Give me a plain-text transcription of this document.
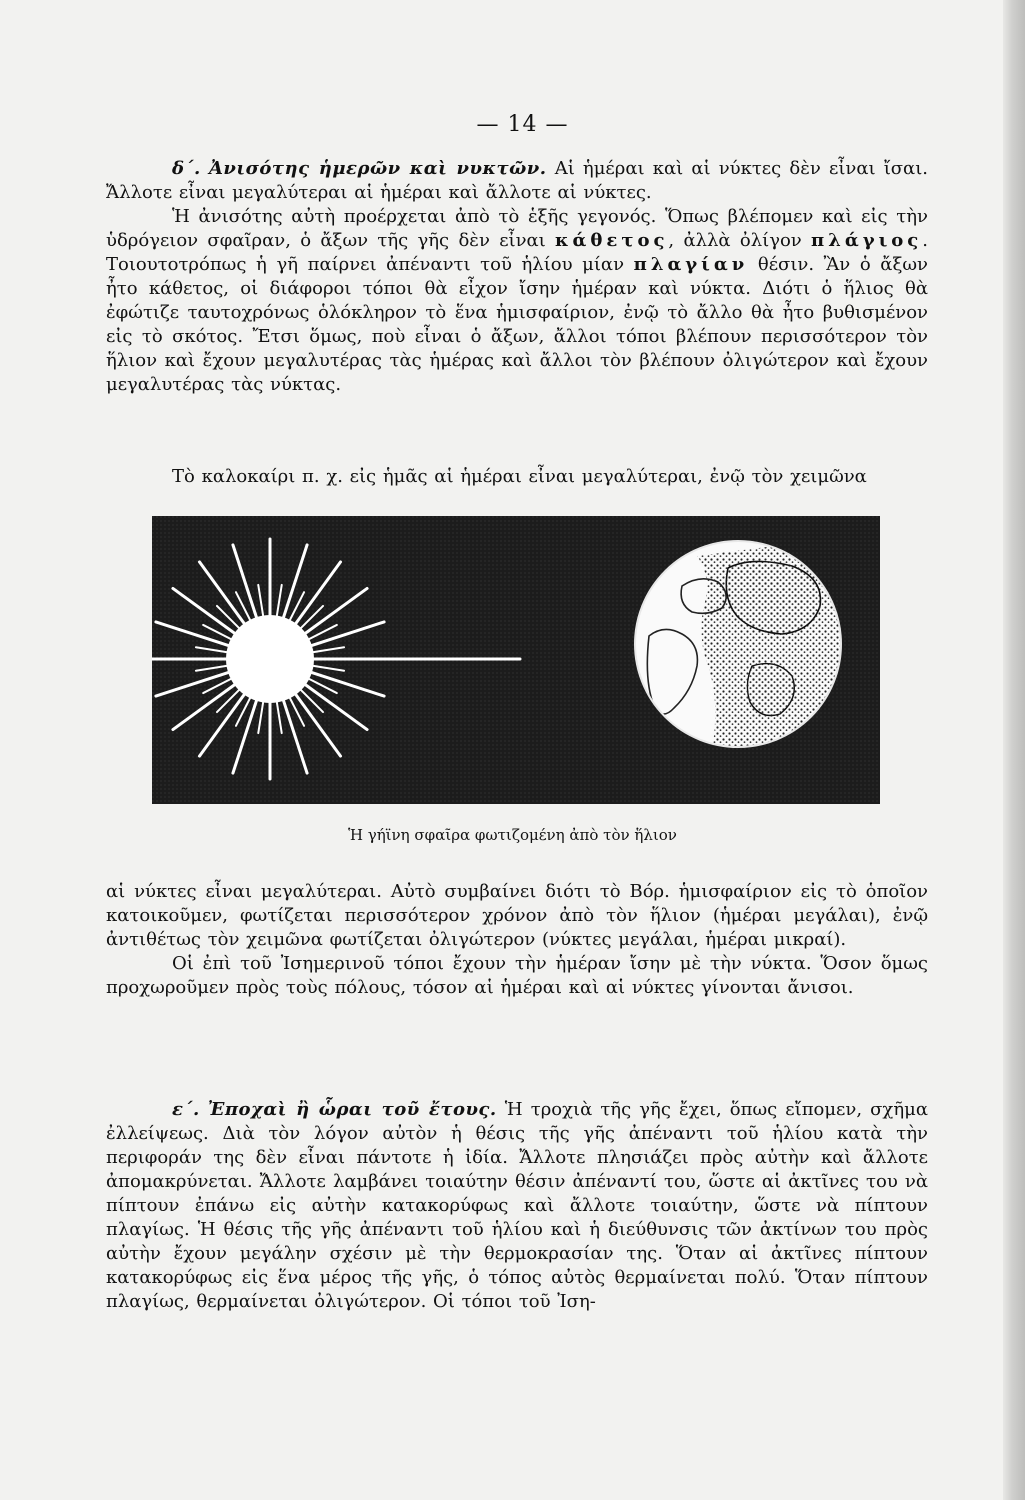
— 14 —
δ΄. Ἀνισότης ἡμερῶν καὶ νυκτῶν. Αἱ ἡμέραι καὶ αἱ νύκτες δὲν εἶναι ἴσαι. Ἄλλοτε εἶναι μεγαλύτεραι αἱ ἡμέραι καὶ ἄλλοτε αἱ νύκτες.
Ἡ ἀνισότης αὐτὴ προέρχεται ἀπὸ τὸ ἑξῆς γεγονός. Ὅπως βλέπομεν καὶ εἰς τὴν ὑδρόγειον σφαῖραν, ὁ ἄξων τῆς γῆς δὲν εἶναι κάθετος, ἀλλὰ ὀλίγον πλάγιος. Τοιουτοτρόπως ἡ γῆ παίρνει ἀπέναντι τοῦ ἡλίου μίαν πλαγίαν θέσιν. Ἂν ὁ ἄξων ἦτο κάθετος, οἱ διάφοροι τόποι θὰ εἶχον ἴσην ἡμέραν καὶ νύκτα. Διότι ὁ ἥλιος θὰ ἐφώτιζε ταυτοχρόνως ὁλόκληρον τὸ ἕνα ἡμισφαίριον, ἐνῷ τὸ ἄλλο θὰ ἦτο βυθισμένον εἰς τὸ σκότος. Ἔτσι ὅμως, ποὺ εἶναι ὁ ἄξων, ἄλλοι τόποι βλέπουν περισσότερον τὸν ἥλιον καὶ ἔχουν μεγαλυτέρας τὰς ἡμέρας καὶ ἄλλοι τὸν βλέπουν ὀλιγώτερον καὶ ἔχουν μεγαλυτέρας τὰς νύκτας.
Τὸ καλοκαίρι π. χ. εἰς ἡμᾶς αἱ ἡμέραι εἶναι μεγαλύτεραι, ἐνῷ τὸν χειμῶνα
Ἡ γήϊνη σφαῖρα φωτιζομένη ἀπὸ τὸν ἥλιον
αἱ νύκτες εἶναι μεγαλύτεραι. Αὐτὸ συμβαίνει διότι τὸ Βόρ. ἡμισφαίριον εἰς τὸ ὁποῖον κατοικοῦμεν, φωτίζεται περισσότερον χρόνον ἀπὸ τὸν ἥλιον (ἡμέραι μεγάλαι), ἐνῷ ἀντιθέτως τὸν χειμῶνα φωτίζεται ὀλιγώτερον (νύκτες μεγάλαι, ἡμέραι μικραί).
Οἱ ἐπὶ τοῦ Ἰσημερινοῦ τόποι ἔχουν τὴν ἡμέραν ἴσην μὲ τὴν νύκτα. Ὅσον ὅμως προχωροῦμεν πρὸς τοὺς πόλους, τόσον αἱ ἡμέραι καὶ αἱ νύκτες γίνονται ἄνισοι.
ε΄. Ἐποχαὶ ἢ ὧραι τοῦ ἔτους. Ἡ τροχιὰ τῆς γῆς ἔχει, ὅπως εἴπομεν, σχῆμα ἐλλείψεως. Διὰ τὸν λόγον αὐτὸν ἡ θέσις τῆς γῆς ἀπέναντι τοῦ ἡλίου κατὰ τὴν περιφοράν της δὲν εἶναι πάντοτε ἡ ἰδία. Ἄλλοτε πλησιάζει πρὸς αὐτὴν καὶ ἄλλοτε ἀπομακρύνεται. Ἄλλοτε λαμβάνει τοιαύτην θέσιν ἀπέναντί του, ὥστε αἱ ἀκτῖνες του νὰ πίπτουν ἐπάνω εἰς αὐτὴν κατακορύφως καὶ ἄλλοτε τοιαύτην, ὥστε νὰ πίπτουν πλαγίως. Ἡ θέσις τῆς γῆς ἀπέναντι τοῦ ἡλίου καὶ ἡ διεύθυνσις τῶν ἀκτίνων του πρὸς αὐτὴν ἔχουν μεγάλην σχέσιν μὲ τὴν θερμοκρασίαν της. Ὅταν αἱ ἀκτῖνες πίπτουν κατακορύφως εἰς ἕνα μέρος τῆς γῆς, ὁ τόπος αὐτὸς θερμαίνεται πολύ. Ὅταν πίπτουν πλαγίως, θερμαίνεται ὀλιγώτερον. Οἱ τόποι τοῦ Ἰση-
